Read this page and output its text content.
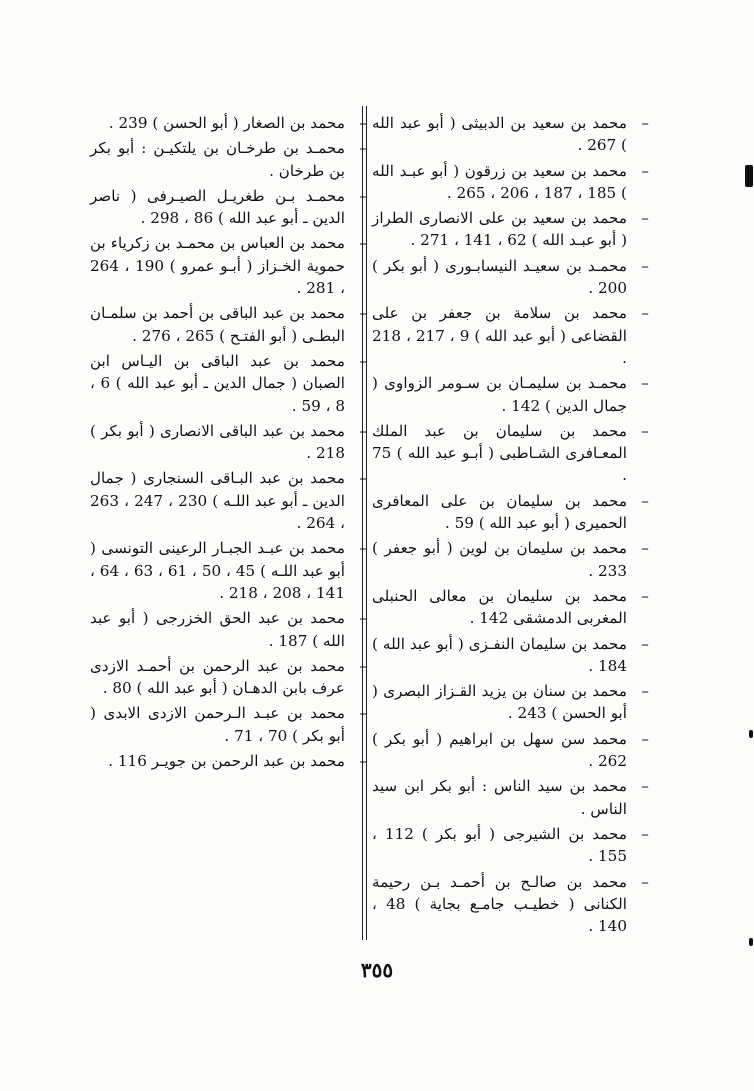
–
محمد بن سعيد بن الدبيثى ( أبو عبد الله ) 267 .
–
محمد بن سعيد بن زرقون ( أبو عبـد الله ) 185 ، 187 ، 206 ، 265 .
–
محمد بن سعيد بن على الانصارى الطراز ( أبو عبـد الله ) 62 ، 141 ، 271 .
–
محمـد بن سعيـد النيسابـورى ( أبو بكر ) 200 .
–
محمد بن سلامة بن جعفر بن على القضاعى ( أبو عبد الله ) 9 ، 217 ، 218 .
–
محمـد بن سليمـان بن سـومر الزواوى ( جمال الدين ) 142 .
–
محمد بن سليمان بن عبد الملك المعـافرى الشـاطبى ( أبـو عبد الله ) 75 .
–
محمد بن سليمان بن على المعافرى الحميرى ( أبو عبد الله ) 59 .
–
محمد بن سليمان بن لوين ( أبو جعفر ) 233 .
–
محمد بن سليمان بن معالى الحنبلى المغربى الدمشقى 142 .
–
محمد بن سليمان النفـزى ( أبو عبد الله ) 184 .
–
محمد بن سنان بن يزيد القـزاز البصرى ( أبو الحسن ) 243 .
–
محمد سن سهل بن ابراهيم ( أبو بكر ) 262 .
–
محمد بن سيد الناس : أبو بكر ابن سيد الناس .
–
محمد بن الشيرجى ( أبو بكر ) 112 ، 155 .
–
محمد بن صالـح بن أحمـد بـن رحيمة الكنانى ( خطيـب جامـع بجاية ) 48 ، 140 .
–
محمد بن الصغار ( أبو الحسن ) 239 .
–
محمـد بن طرخـان بن يلتكيـن : أبو بكر بن طرخان .
–
محمـد بـن طغريـل الصيـرفى ( ناصر الدين ـ أبو عبد الله ) 86 ، 298 .
–
محمد بن العباس بن محمـد بن زكرياء بن حموية الخـزاز ( أبـو عمرو ) 190 ، 264 ، 281 .
–
محمد بن عبد الباقى بن أحمد بن سلمـان البطـى ( أبو الفتـح ) 265 ، 276 .
–
محمد بن عبد الباقى بن اليـاس ابن الصبان ( جمال الدين ـ أبو عبد الله ) 6 ، 8 ، 59 .
–
محمد بن عبد الباقى الانصارى ( أبو بكر ) 218 .
–
محمد بن عبد البـاقى السنجارى ( جمال الدين ـ أبو عبد اللـه ) 230 ، 247 ، 263 ، 264 .
–
محمد بن عبـد الجبـار الرعينى التونسى ( أبو عبد اللـه ) 45 ، 50 ، 61 ، 63 ، 64 ، 141 ، 208 ، 218 .
–
محمد بن عبد الحق الخزرجى ( أبو عبد الله ) 187 .
–
محمد بن عبد الرحمن بن أحمـد الازدى عرف بابن الدهـان ( أبو عبد الله ) 80 .
–
محمد بن عبـد الـرحمن الازدى الابدى ( أبو بكر ) 70 ، 71 .
–
محمد بن عبد الرحمن بن جويـر 116 .
٣٥٥
